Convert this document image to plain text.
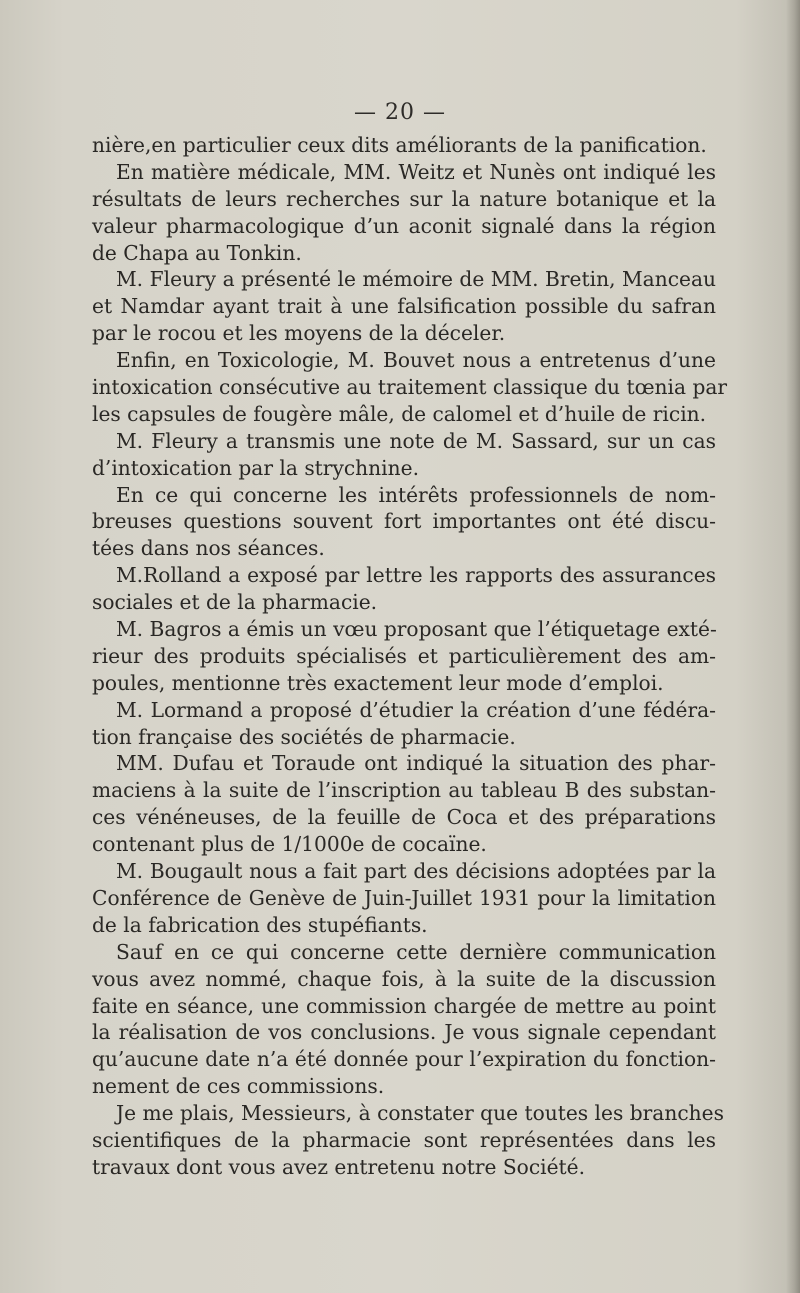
— 20 —
nière,en particulier ceux dits améliorants de la panification.
En matière médicale, MM. Weitz et Nunès ont indiqué les
résultats de leurs recherches sur la nature botanique et la
valeur pharmacologique d’un aconit signalé dans la région
de Chapa au Tonkin.
M. Fleury a présenté le mémoire de MM. Bretin, Manceau
et Namdar ayant trait à une falsification possible du safran
par le rocou et les moyens de la déceler.
Enfin, en Toxicologie, M. Bouvet nous a entretenus d’une
intoxication consécutive au traitement classique du tœnia par
les capsules de fougère mâle, de calomel et d’huile de ricin.
M. Fleury a transmis une note de M. Sassard, sur un cas
d’intoxication par la strychnine.
En ce qui concerne les intérêts professionnels de nom-
breuses questions souvent fort importantes ont été discu-
tées dans nos séances.
M.Rolland a exposé par lettre les rapports des assurances
sociales et de la pharmacie.
M. Bagros a émis un vœu proposant que l’étiquetage exté-
rieur des produits spécialisés et particulièrement des am-
poules, mentionne très exactement leur mode d’emploi.
M. Lormand a proposé d’étudier la création d’une fédéra-
tion française des sociétés de pharmacie.
MM. Dufau et Toraude ont indiqué la situation des phar-
maciens à la suite de l’inscription au tableau B des substan-
ces vénéneuses, de la feuille de Coca et des préparations
contenant plus de 1/1000e de cocaïne.
M. Bougault nous a fait part des décisions adoptées par la
Conférence de Genève de Juin-Juillet 1931 pour la limitation
de la fabrication des stupéfiants.
Sauf en ce qui concerne cette dernière communication
vous avez nommé, chaque fois, à la suite de la discussion
faite en séance, une commission chargée de mettre au point
la réalisation de vos conclusions. Je vous signale cependant
qu’aucune date n’a été donnée pour l’expiration du fonction-
nement de ces commissions.
Je me plais, Messieurs, à constater que toutes les branches
scientifiques de la pharmacie sont représentées dans les
travaux dont vous avez entretenu notre Société.
